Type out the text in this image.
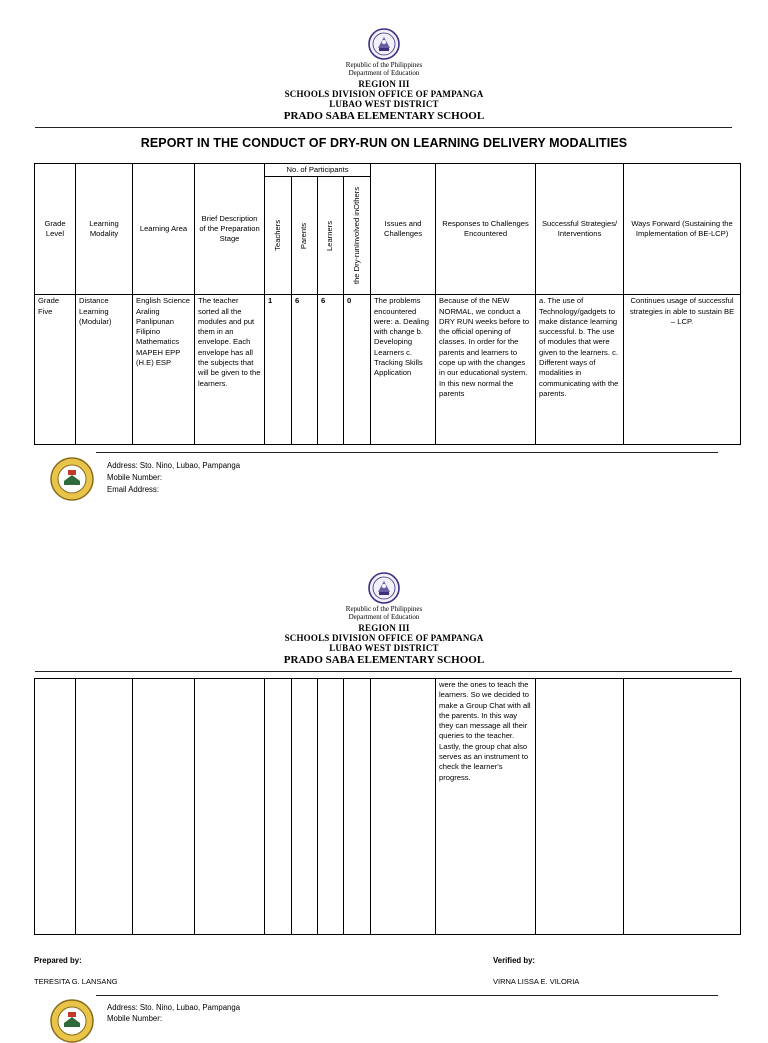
Republic of the Philippines
Department of Education
REGION III
SCHOOLS DIVISION OFFICE OF PAMPANGA
LUBAO WEST DISTRICT
PRADO SABA ELEMENTARY SCHOOL
REPORT IN THE CONDUCT OF DRY-RUN ON LEARNING DELIVERY MODALITIES
Grade Level	Learning Modality	Learning Area	Brief Description of the Preparation Stage	No. of Participants				Issues and Challenges	Responses to Challenges Encountered	Successful Strategies/ Interventions	Ways Forward (Sustaining the Implementation of BE-LCP)

				Teachers	Parents	Learners	the Dry-runInvolved inOthers				

Grade Five	Distance Learning (Modular)	English Science Araling Panlipunan Filipino Mathematics MAPEH EPP (H.E) ESP	The teacher sorted all the modules and put them in an envelope. Each envelope has all the subjects that will be given to the learners.	1	6	6	0	The problems encountered were: a. Dealing with change b. Developing Learners c. Tracking Skills Application	Because of the NEW NORMAL, we conduct a DRY RUN weeks before to the official opening of classes. In order for the parents and learners to cope up with the changes in our educational system. In this new normal the parents	a. The use of Technology/gadgets to make distance learning successful. b. The use of modules that were given to the learners. c. Different ways of modalities in communicating with the parents.	Continues usage of successful strategies in able to sustain BE – LCP.
Address: Sto. Nino, Lubao, Pampanga
Mobile Number:
Email Address:
Republic of the Philippines
Department of Education
REGION III
SCHOOLS DIVISION OFFICE OF PAMPANGA
LUBAO WEST DISTRICT
PRADO SABA ELEMENTARY SCHOOL
									were the ones to teach the learners. So we decided to make a Group Chat with all the parents. In this way they can message all their queries to the teacher. Lastly, the group chat also serves as an instrument to check the learner's progress.		
Prepared by:
TERESITA G. LANSANG
Verified by:
VIRNA LISSA E. VILORIA
Address: Sto. Nino, Lubao, Pampanga
Mobile Number:
